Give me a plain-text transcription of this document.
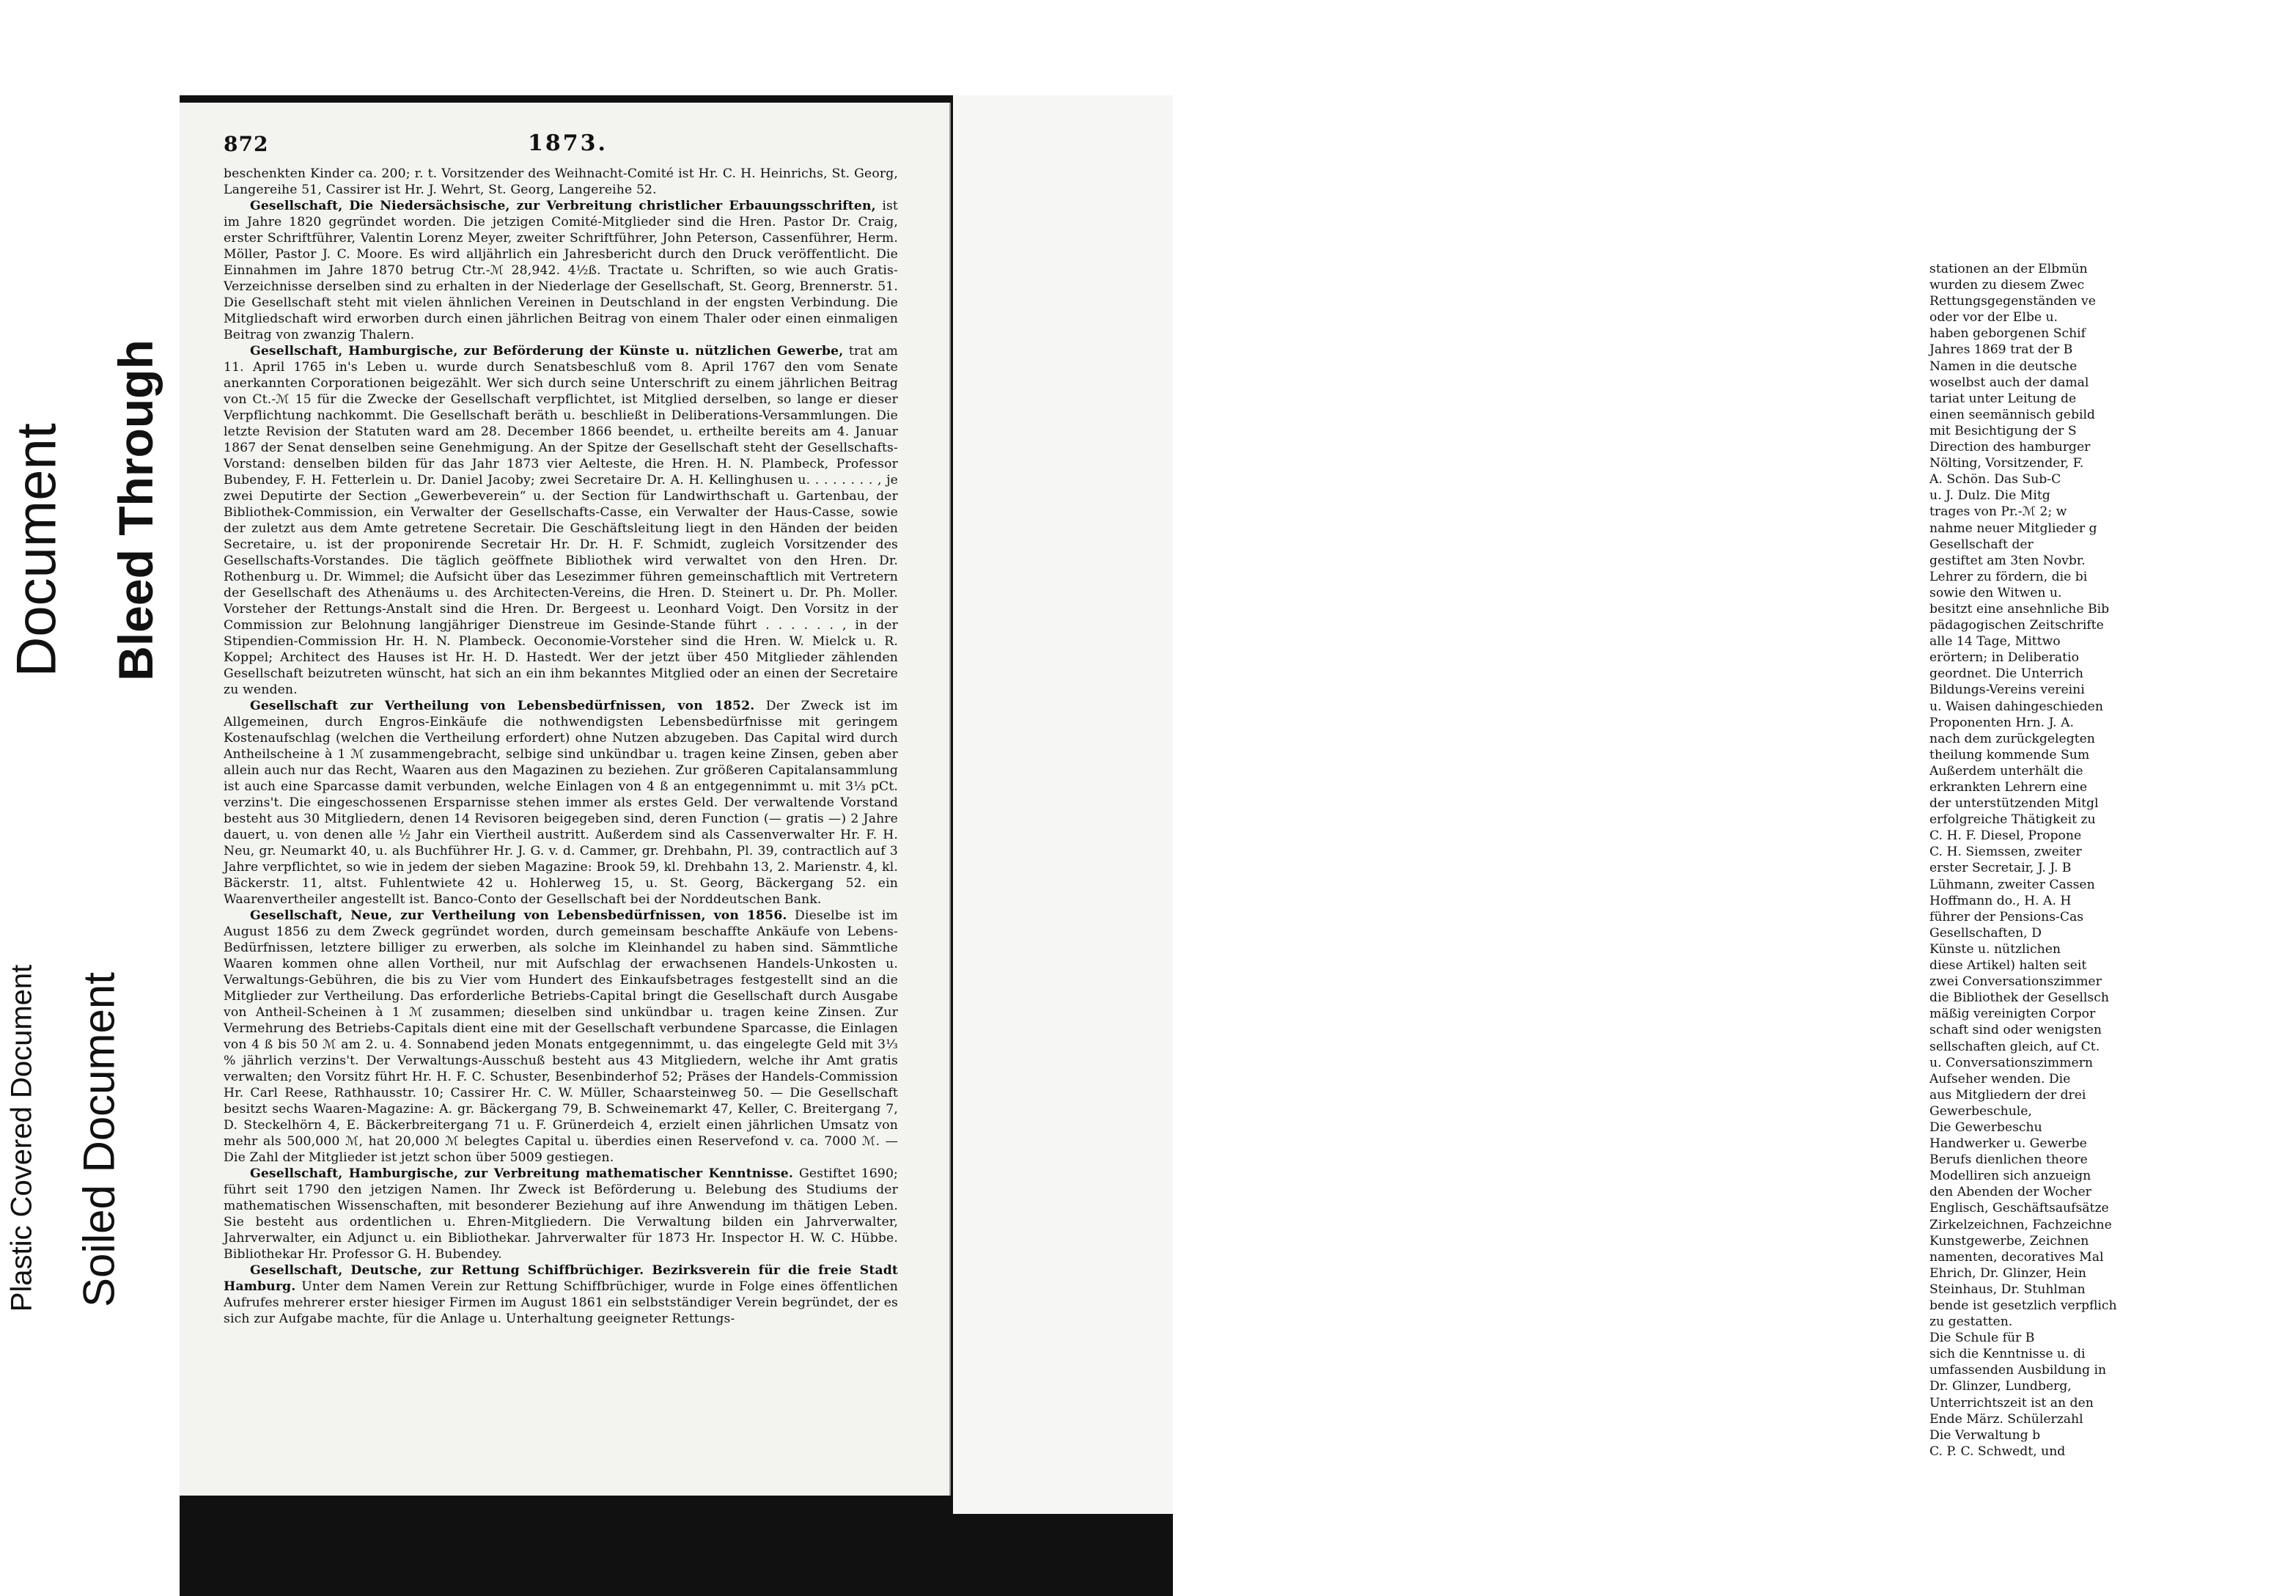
Plastic Covered Document
Document Bleed Through
Soiled Document
872	1873.

beschenkten Kinder ca. 200; r. t. Vorsitzender des Weihnacht-Comité ist Hr. C. H. Heinrichs, St. Georg, Langereihe 51, Cassirer ist Hr. J. Wehrt, St. Georg, Langereihe 52.

Gesellschaft, Die Niedersächsische, zur Verbreitung christlicher Erbauungsschriften, ist im Jahre 1820 gegründet worden. Die jetzigen Comité-Mitglieder sind die Hren. Pastor Dr. Craig, erster Schriftführer, Valentin Lorenz Meyer, zweiter Schriftführer, John Peterson, Cassenführer, Herm. Möller, Pastor J. C. Moore. Es wird alljährlich ein Jahresbericht durch den Druck veröffentlicht. Die Einnahmen im Jahre 1870 betrug Ctr.-ℳ 28,942. 4½ß. Tractate u. Schriften, so wie auch Gratis-Verzeichnisse derselben sind zu erhalten in der Niederlage der Gesellschaft, St. Georg, Brennerstr. 51. Die Gesellschaft steht mit vielen ähnlichen Vereinen in Deutschland in der engsten Verbindung. Die Mitgliedschaft wird erworben durch einen jährlichen Beitrag von einem Thaler oder einen einmaligen Beitrag von zwanzig Thalern.

Gesellschaft, Hamburgische, zur Beförderung der Künste u. nützlichen Gewerbe, trat am 11. April 1765 in's Leben u. wurde durch Senatsbeschluß vom 8. April 1767 den vom Senate anerkannten Corporationen beigezählt. Wer sich durch seine Unterschrift zu einem jährlichen Beitrag von Ct.-ℳ 15 für die Zwecke der Gesellschaft verpflichtet, ist Mitglied derselben, so lange er dieser Verpflichtung nachkommt. Die Gesellschaft beräth u. beschließt in Deliberations-Versammlungen. Die letzte Revision der Statuten ward am 28. December 1866 beendet, u. ertheilte bereits am 4. Januar 1867 der Senat denselben seine Genehmigung. An der Spitze der Gesellschaft steht der Gesellschafts-Vorstand: denselben bilden für das Jahr 1873 vier Aelteste, die Hren. H. N. Plambeck, Professor Bubendey, F. H. Fetterlein u. Dr. Daniel Jacoby; zwei Secretaire Dr. A. H. Kellinghusen u. . . . . . . . , je zwei Deputirte der Section „Gewerbeverein“ u. der Section für Landwirthschaft u. Gartenbau, der Bibliothek-Commission, ein Verwalter der Gesellschafts-Casse, ein Verwalter der Haus-Casse, sowie der zuletzt aus dem Amte getretene Secretair. Die Geschäftsleitung liegt in den Händen der beiden Secretaire, u. ist der proponirende Secretair Hr. Dr. H. F. Schmidt, zugleich Vorsitzender des Gesellschafts-Vorstandes. Die täglich geöffnete Bibliothek wird verwaltet von den Hren. Dr. Rothenburg u. Dr. Wimmel; die Aufsicht über das Lesezimmer führen gemeinschaftlich mit Vertretern der Gesellschaft des Athenäums u. des Architecten-Vereins, die Hren. D. Steinert u. Dr. Ph. Moller. Vorsteher der Rettungs-Anstalt sind die Hren. Dr. Bergeest u. Leonhard Voigt. Den Vorsitz in der Commission zur Belohnung langjähriger Dienstreue im Gesinde-Stande führt . . . . . . , in der Stipendien-Commission Hr. H. N. Plambeck. Oeconomie-Vorsteher sind die Hren. W. Mielck u. R. Koppel; Architect des Hauses ist Hr. H. D. Hastedt. Wer der jetzt über 450 Mitglieder zählenden Gesellschaft beizutreten wünscht, hat sich an ein ihm bekanntes Mitglied oder an einen der Secretaire zu wenden.

Gesellschaft zur Vertheilung von Lebensbedürfnissen, von 1852. Der Zweck ist im Allgemeinen, durch Engros-Einkäufe die nothwendigsten Lebensbedürfnisse mit geringem Kostenaufschlag (welchen die Vertheilung erfordert) ohne Nutzen abzugeben. Das Capital wird durch Antheilscheine à 1 ℳ zusammengebracht, selbige sind unkündbar u. tragen keine Zinsen, geben aber allein auch nur das Recht, Waaren aus den Magazinen zu beziehen. Zur größeren Capitalansammlung ist auch eine Sparcasse damit verbunden, welche Einlagen von 4 ß an entgegennimmt u. mit 3⅓ pCt. verzins't. Die eingeschossenen Ersparnisse stehen immer als erstes Geld. Der verwaltende Vorstand besteht aus 30 Mitgliedern, denen 14 Revisoren beigegeben sind, deren Function (— gratis —) 2 Jahre dauert, u. von denen alle ½ Jahr ein Viertheil austritt. Außerdem sind als Cassenverwalter Hr. F. H. Neu, gr. Neumarkt 40, u. als Buchführer Hr. J. G. v. d. Cammer, gr. Drehbahn, Pl. 39, contractlich auf 3 Jahre verpflichtet, so wie in jedem der sieben Magazine: Brook 59, kl. Drehbahn 13, 2. Marienstr. 4, kl. Bäckerstr. 11, altst. Fuhlentwiete 42 u. Hohlerweg 15, u. St. Georg, Bäckergang 52. ein Waarenvertheiler angestellt ist. Banco-Conto der Gesellschaft bei der Norddeutschen Bank.

Gesellschaft, Neue, zur Vertheilung von Lebensbedürfnissen, von 1856. Dieselbe ist im August 1856 zu dem Zweck gegründet worden, durch gemeinsam beschaffte Ankäufe von Lebens-Bedürfnissen, letztere billiger zu erwerben, als solche im Kleinhandel zu haben sind. Sämmtliche Waaren kommen ohne allen Vortheil, nur mit Aufschlag der erwachsenen Handels-Unkosten u. Verwaltungs-Gebühren, die bis zu Vier vom Hundert des Einkaufsbetrages festgestellt sind an die Mitglieder zur Vertheilung. Das erforderliche Betriebs-Capital bringt die Gesellschaft durch Ausgabe von Antheil-Scheinen à 1 ℳ zusammen; dieselben sind unkündbar u. tragen keine Zinsen. Zur Vermehrung des Betriebs-Capitals dient eine mit der Gesellschaft verbundene Sparcasse, die Einlagen von 4 ß bis 50 ℳ am 2. u. 4. Sonnabend jeden Monats entgegennimmt, u. das eingelegte Geld mit 3⅓ % jährlich verzins't. Der Verwaltungs-Ausschuß besteht aus 43 Mitgliedern, welche ihr Amt gratis verwalten; den Vorsitz führt Hr. H. F. C. Schuster, Besenbinderhof 52; Präses der Handels-Commission Hr. Carl Reese, Rathhausstr. 10; Cassirer Hr. C. W. Müller, Schaarsteinweg 50. — Die Gesellschaft besitzt sechs Waaren-Magazine: A. gr. Bäckergang 79, B. Schweinemarkt 47, Keller, C. Breitergang 7, D. Steckelhörn 4, E. Bäckerbreitergang 71 u. F. Grünerdeich 4, erzielt einen jährlichen Umsatz von mehr als 500,000 ℳ, hat 20,000 ℳ belegtes Capital u. überdies einen Reservefond v. ca. 7000 ℳ. — Die Zahl der Mitglieder ist jetzt schon über 5009 gestiegen.

Gesellschaft, Hamburgische, zur Verbreitung mathematischer Kenntnisse. Gestiftet 1690; führt seit 1790 den jetzigen Namen. Ihr Zweck ist Beförderung u. Belebung des Studiums der mathematischen Wissenschaften, mit besonderer Beziehung auf ihre Anwendung im thätigen Leben. Sie besteht aus ordentlichen u. Ehren-Mitgliedern. Die Verwaltung bilden ein Jahrverwalter, Jahrverwalter, ein Adjunct u. ein Bibliothekar. Jahrverwalter für 1873 Hr. Inspector H. W. C. Hübbe. Bibliothekar Hr. Professor G. H. Bubendey.

Gesellschaft, Deutsche, zur Rettung Schiffbrüchiger. Bezirksverein für die freie Stadt Hamburg. Unter dem Namen Verein zur Rettung Schiffbrüchiger, wurde in Folge eines öffentlichen Aufrufes mehrerer erster hiesiger Firmen im August 1861 ein selbstständiger Verein begründet, der es sich zur Aufgabe machte, für die Anlage u. Unterhaltung geeigneter Rettungs-

stationen an der Elbmün
wurden zu diesem Zwec
Rettungsgegenständen ve
oder vor der Elbe u.
haben geborgenen Schif
Jahres 1869 trat der B
Namen in die deutsche
woselbst auch der damal
tariat unter Leitung de
einen seemännisch gebild
mit Besichtigung der S
Direction des hamburger
Nölting, Vorsitzender, F.
A. Schön. Das Sub-C
u. J. Dulz. Die Mitg
trages von Pr.-ℳ 2; w
nahme neuer Mitglieder g
Gesellschaft der
gestiftet am 3ten Novbr.
Lehrer zu fördern, die bi
sowie den Witwen u.
besitzt eine ansehnliche Bib
pädagogischen Zeitschrifte
alle 14 Tage, Mittwo
erörtern; in Deliberatio
geordnet. Die Unterrich
Bildungs-Vereins vereini
u. Waisen dahingeschieden
Proponenten Hrn. J. A.
nach dem zurückgelegten
theilung kommende Sum
Außerdem unterhält die
erkrankten Lehrern eine
der unterstützenden Mitgl
erfolgreiche Thätigkeit zu
C. H. F. Diesel, Propone
C. H. Siemssen, zweiter
erster Secretair, J. J. B
Lühmann, zweiter Cassen
Hoffmann do., H. A. H
führer der Pensions-Cas
Gesellschaften, D
Künste u. nützlichen
diese Artikel) halten seit
zwei Conversationszimmer
die Bibliothek der Gesellsch
mäßig vereinigten Corpor
schaft sind oder wenigsten
sellschaften gleich, auf Ct.
u. Conversationszimmern
Aufseher wenden. Die
aus Mitgliedern der drei
Gewerbeschule,
Die Gewerbeschu
Handwerker u. Gewerbe
Berufs dienlichen theore
Modelliren sich anzueign
den Abenden der Wocher
Englisch, Geschäftsaufsätze
Zirkelzeichnen, Fachzeichne
Kunstgewerbe, Zeichnen
namenten, decoratives Mal
Ehrich, Dr. Glinzer, Hein
Steinhaus, Dr. Stuhlman
bende ist gesetzlich verpflich
zu gestatten.
Die Schule für B
sich die Kenntnisse u. di
umfassenden Ausbildung in
Dr. Glinzer, Lundberg,
Unterrichtszeit ist an den
Ende März. Schülerzahl
Die Verwaltung b
C. P. C. Schwedt, und
